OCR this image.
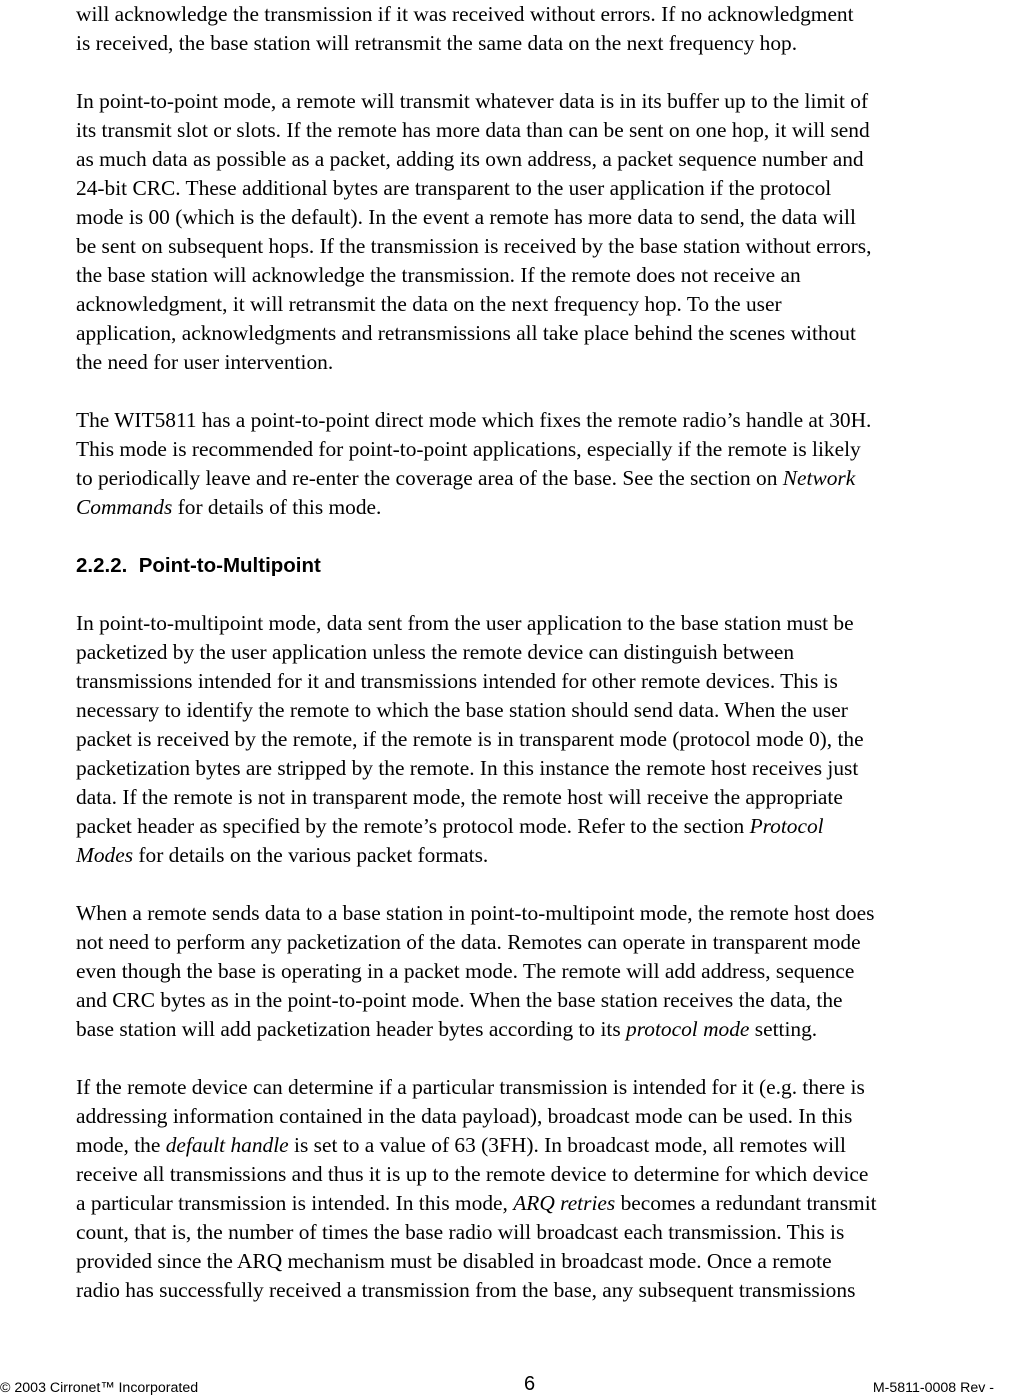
will acknowledge the transmission if it was received without errors. If no acknowledgment
is received, the base station will retransmit the same data on the next frequency hop.

In point-to-point mode, a remote will transmit whatever data is in its buffer up to the limit of
its transmit slot or slots. If the remote has more data than can be sent on one hop, it will send
as much data as possible as a packet, adding its own address, a packet sequence number and
24-bit CRC. These additional bytes are transparent to the user application if the protocol
mode is 00 (which is the default). In the event a remote has more data to send, the data will
be sent on subsequent hops. If the transmission is received by the base station without errors,
the base station will acknowledge the transmission. If the remote does not receive an
acknowledgment, it will retransmit the data on the next frequency hop. To the user
application, acknowledgments and retransmissions all take place behind the scenes without
the need for user intervention.

The WIT5811 has a point-to-point direct mode which fixes the remote radio’s handle at 30H.
This mode is recommended for point-to-point applications, especially if the remote is likely
to periodically leave and re-enter the coverage area of the base. See the section on Network
Commands for details of this mode.

2.2.2. Point-to-Multipoint

In point-to-multipoint mode, data sent from the user application to the base station must be
packetized by the user application unless the remote device can distinguish between
transmissions intended for it and transmissions intended for other remote devices. This is
necessary to identify the remote to which the base station should send data. When the user
packet is received by the remote, if the remote is in transparent mode (protocol mode 0), the
packetization bytes are stripped by the remote. In this instance the remote host receives just
data. If the remote is not in transparent mode, the remote host will receive the appropriate
packet header as specified by the remote’s protocol mode. Refer to the section Protocol
Modes for details on the various packet formats.

When a remote sends data to a base station in point-to-multipoint mode, the remote host does
not need to perform any packetization of the data. Remotes can operate in transparent mode
even though the base is operating in a packet mode. The remote will add address, sequence
and CRC bytes as in the point-to-point mode. When the base station receives the data, the
base station will add packetization header bytes according to its protocol mode setting.

If the remote device can determine if a particular transmission is intended for it (e.g. there is
addressing information contained in the data payload), broadcast mode can be used. In this
mode, the default handle is set to a value of 63 (3FH). In broadcast mode, all remotes will
receive all transmissions and thus it is up to the remote device to determine for which device
a particular transmission is intended. In this mode, ARQ retries becomes a redundant transmit
count, that is, the number of times the base radio will broadcast each transmission. This is
provided since the ARQ mechanism must be disabled in broadcast mode. Once a remote
radio has successfully received a transmission from the base, any subsequent transmissions

© 2003 Cirronet™ Incorporated	6	M-5811-0008 Rev -
